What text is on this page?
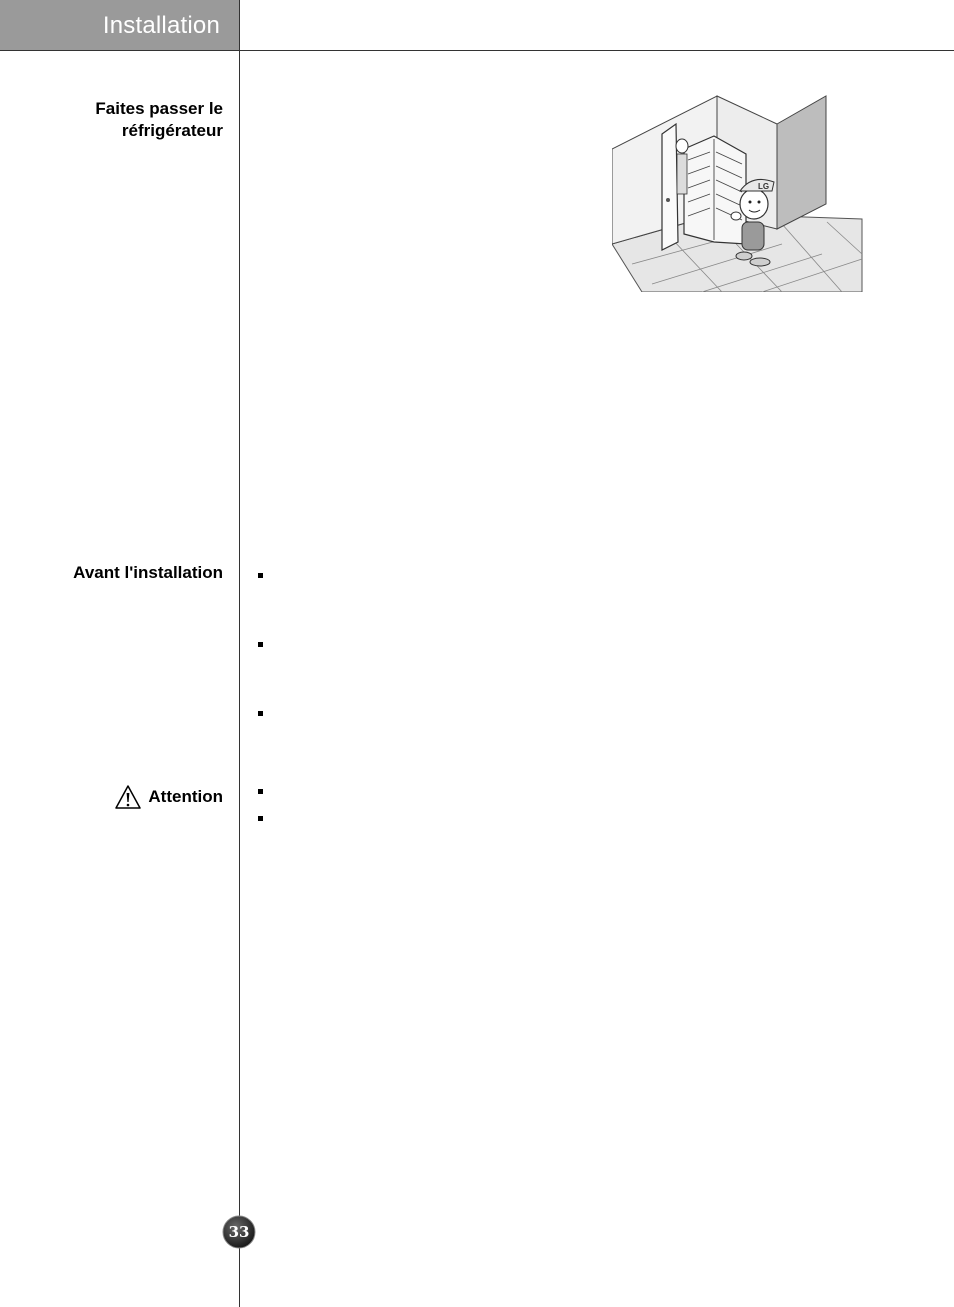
Installation
Faites passer le
réfrigérateur
LG
Avant l'installation
Attention
33
